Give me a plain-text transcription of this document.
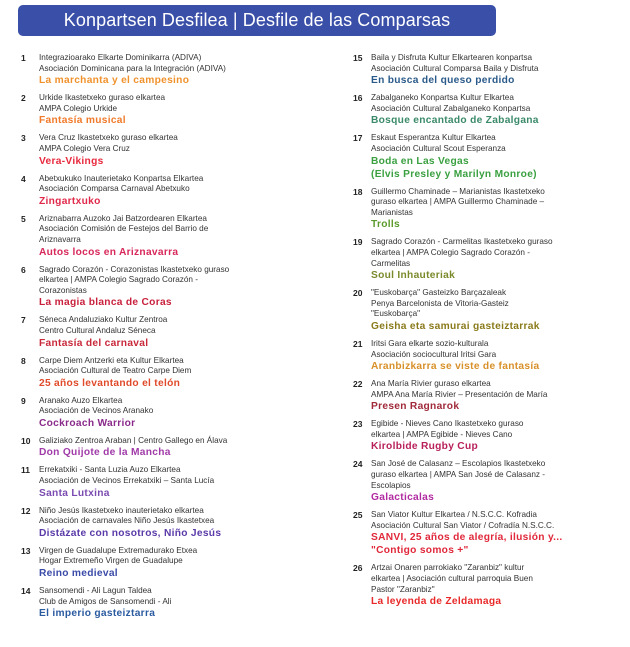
Konpartsen Desfilea | Desfile de las Comparsas
1	Integrazioarako Elkarte Dominikarra (ADIVA)
Asociación Dominicana para la Integración (ADIVA)
La marchanta y el campesino
2	Urkide Ikastetxeko guraso elkartea
AMPA Colegio Urkide
Fantasía musical
3	Vera Cruz Ikastetxeko guraso elkartea
AMPA Colegio Vera Cruz
Vera-Vikings
4	Abetxukuko Inauterietako Konpartsa Elkartea
Asociación Comparsa Carnaval Abetxuko
Zingartxuko
5	Ariznabarra Auzoko Jai Batzordearen Elkartea
Asociación Comisión de Festejos del Barrio de
Ariznavarra
Autos locos en Ariznavarra
6	Sagrado Corazón - Corazonistas Ikastetxeko guraso
elkartea | AMPA Colegio Sagrado Corazón -
Corazonistas
La magia blanca de Coras
7	Séneca Andaluziako Kultur Zentroa
Centro Cultural Andaluz Séneca
Fantasía del carnaval
8	Carpe Diem Antzerki eta Kultur Elkartea
Asociación Cultural de Teatro Carpe Diem
25 años levantando el telón
9	Aranako Auzo Elkartea
Asociación de Vecinos Aranako
Cockroach Warrior
10	Galiziako Zentroa Araban | Centro Gallego en Álava
Don Quijote de la Mancha
11	Errekatxiki - Santa Luzia Auzo Elkartea
Asociación de Vecinos Errekatxiki – Santa Lucía
Santa Lutxina
12	Niño Jesús Ikastetxeko inauterietako elkartea
Asociación de carnavales Niño Jesús Ikastetxea
Distázate con nosotros, Niño Jesús
13	Virgen de Guadalupe Extremadurako Etxea
Hogar Extremeño Virgen de Guadalupe
Reino medieval
14	Sansomendi - Ali Lagun Taldea
Club de Amigos de Sansomendi - Ali
El imperio gasteiztarra
15	Baila y Disfruta Kultur Elkartearen konpartsa
Asociación Cultural Comparsa Baila y Disfruta
En busca del queso perdido
16	Zabalganeko Konpartsa Kultur Elkartea
Asociación Cultural Zabalganeko Konpartsa
Bosque encantado de Zabalgana
17	Eskaut Esperantza Kultur Elkartea
Asociación Cultural Scout Esperanza
Boda en Las Vegas
(Elvis Presley y Marilyn Monroe)
18	Guillermo Chaminade – Marianistas Ikastetxeko
guraso elkartea | AMPA Guillermo Chaminade –
Marianistas
Trolls
19	Sagrado Corazón - Carmelitas Ikastetxeko guraso
elkartea | AMPA Colegio Sagrado Corazón -
Carmelitas
Soul Inhauteriak
20	"Euskobarça" Gasteizko Barçazaleak
Penya Barcelonista de Vitoria-Gasteiz
"Euskobarça"
Geisha eta samurai gasteiztarrak
21	Iritsi Gara elkarte sozio-kulturala
Asociación sociocultural Iritsi Gara
Aranbizkarra se viste de fantasía
22	Ana María Rivier guraso elkartea
AMPA Ana María Rivier – Presentación de María
Presen Ragnarok
23	Egibide - Nieves Cano Ikastetxeko guraso
elkartea | AMPA Egibide - Nieves Cano
Kirolbide Rugby Cup
24	San José de Calasanz – Escolapios Ikastetxeko
guraso elkartea | AMPA San José de Calasanz -
Escolapios
Galacticalas
25	San Viator Kultur Elkartea / N.S.C.C. Kofradia
Asociación Cultural San Viator / Cofradía N.S.C.C.
SANVI, 25 años de alegría, ilusión y...
"Contigo somos +"
26	Artzai Onaren parrokiako "Zaranbiz" kultur
elkartea | Asociación cultural parroquia Buen
Pastor "Zaranbiz"
La leyenda de Zeldamaga
